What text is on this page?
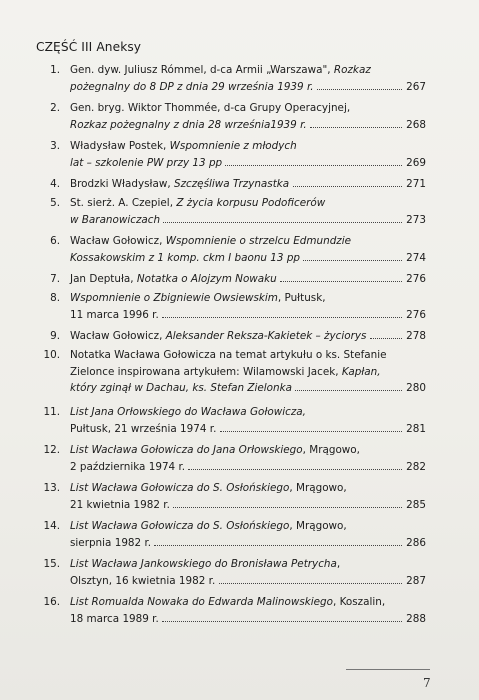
CZĘŚĆ III Aneksy
1. Gen. dyw. Juliusz Rómmel, d-ca Armii „Warszawa", Rozkaz
pożegnalny do 8 DP z dnia 29 września 1939 r.	267
2. Gen. bryg. Wiktor Thommée, d-ca Grupy Operacyjnej,
Rozkaz pożegnalny z dnia 28 września1939 r.	268
3. Władysław Postek, Wspomnienie z młodych
lat – szkolenie PW przy 13 pp	269
4. Brodzki Władysław, Szczęśliwa Trzynastka	271
5. St. sierż. A. Czepiel, Z życia korpusu Podoficerów
w Baranowiczach	273
6. Wacław Gołowicz, Wspomnienie o strzelcu Edmundzie
Kossakowskim z 1 komp. ckm I baonu 13 pp	274
7. Jan Deptuła, Notatka o Alojzym Nowaku	276
8. Wspomnienie o Zbigniewie Owsiewskim, Pułtusk,
11 marca 1996 r.	276
9. Wacław Gołowicz, Aleksander Reksza-Kakietek – życiorys	278
10. Notatka Wacława Gołowicza na temat artykułu o ks. Stefanie
Zielonce inspirowana artykułem: Wilamowski Jacek, Kapłan,
który zginął w Dachau, ks. Stefan Zielonka	280
11. List Jana Orłowskiego do Wacława Gołowicza,
Pułtusk, 21 września 1974 r.	281
12. List Wacława Gołowicza do Jana Orłowskiego, Mrągowo,
2 października 1974 r.	282
13. List Wacława Gołowicza do S. Osłońskiego, Mrągowo,
21 kwietnia 1982 r.	285
14. List Wacława Gołowicza do S. Osłońskiego, Mrągowo,
sierpnia 1982 r.	286
15. List Wacława Jankowskiego do Bronisława Petrycha,
Olsztyn, 16 kwietnia 1982 r.	287
16. List Romualda Nowaka do Edwarda Malinowskiego, Koszalin,
18 marca 1989 r.	288
7
